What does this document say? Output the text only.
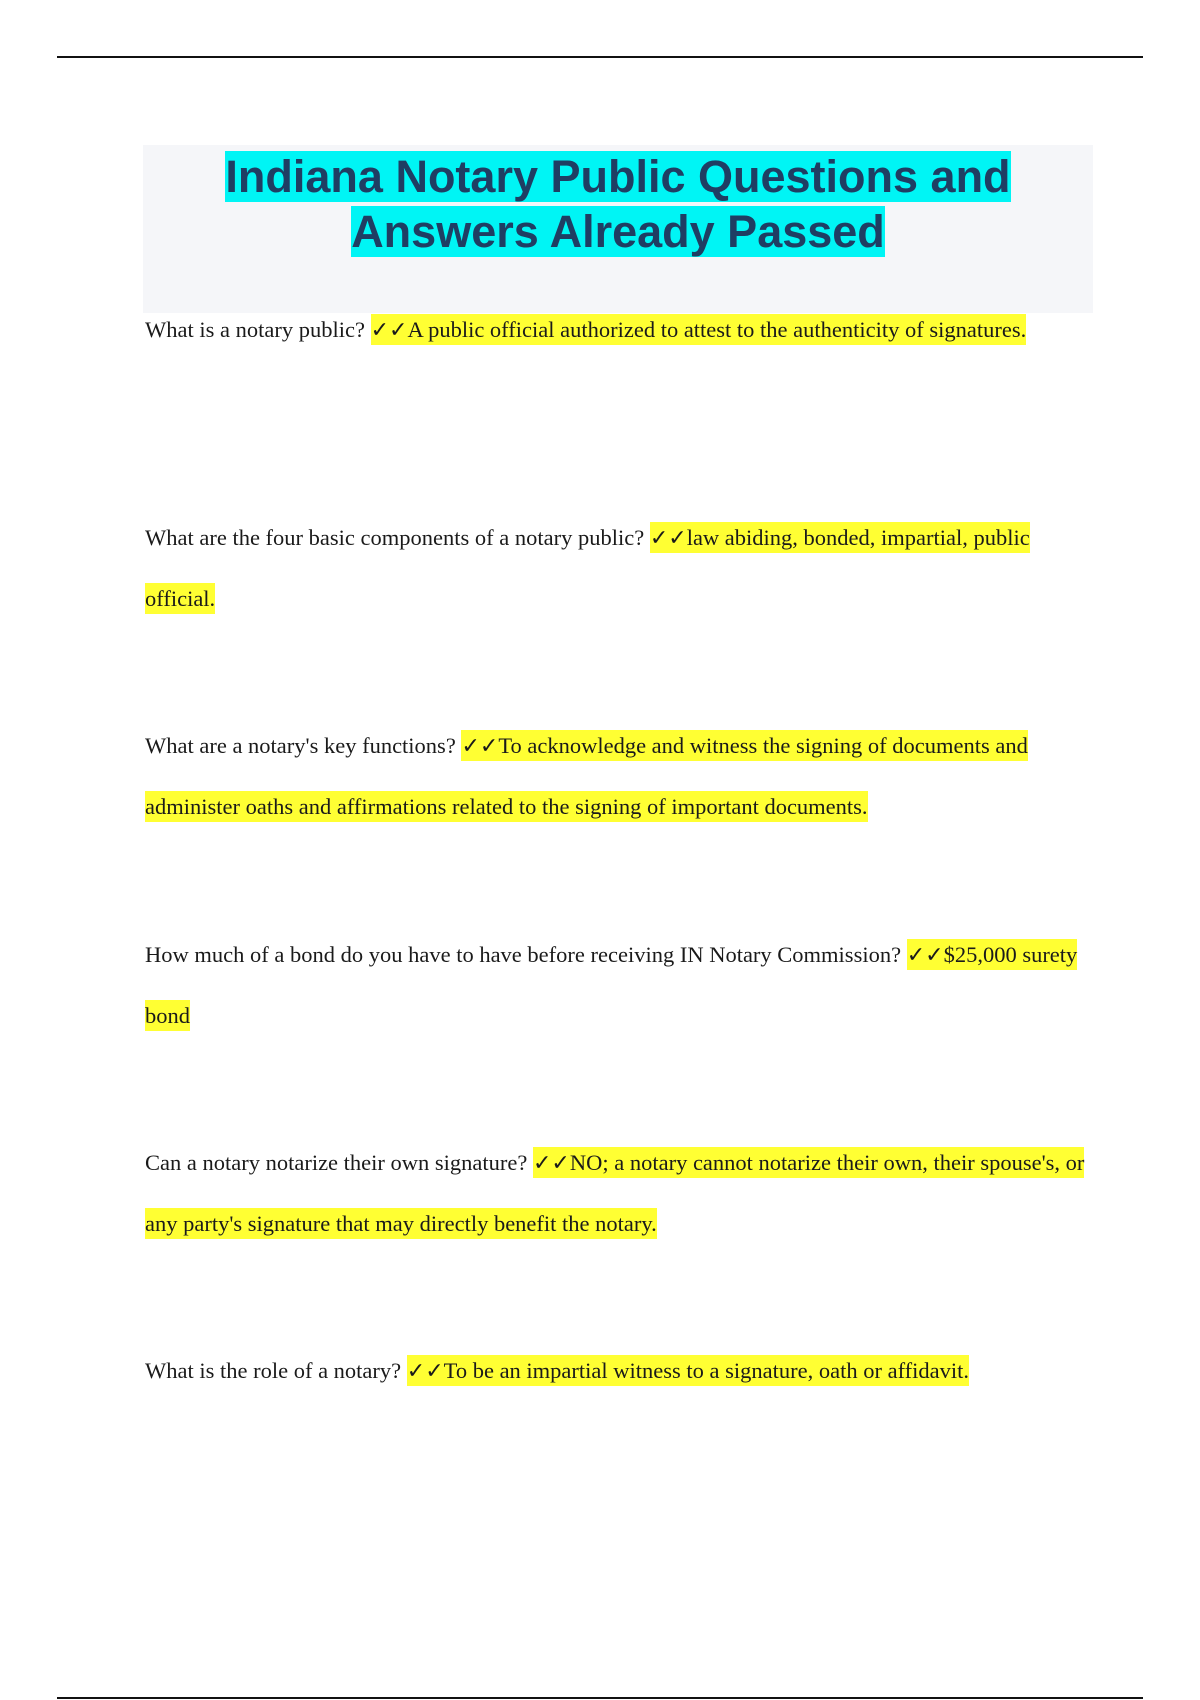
Indiana Notary Public Questions and Answers Already Passed

What is a notary public? ✓✓A public official authorized to attest to the authenticity of signatures.

What are the four basic components of a notary public? ✓✓law abiding, bonded, impartial, public official.

What are a notary's key functions? ✓✓To acknowledge and witness the signing of documents and administer oaths and affirmations related to the signing of important documents.

How much of a bond do you have to have before receiving IN Notary Commission? ✓✓$25,000 surety bond

Can a notary notarize their own signature? ✓✓NO; a notary cannot notarize their own, their spouse's, or any party's signature that may directly benefit the notary.

What is the role of a notary? ✓✓To be an impartial witness to a signature, oath or affidavit.
